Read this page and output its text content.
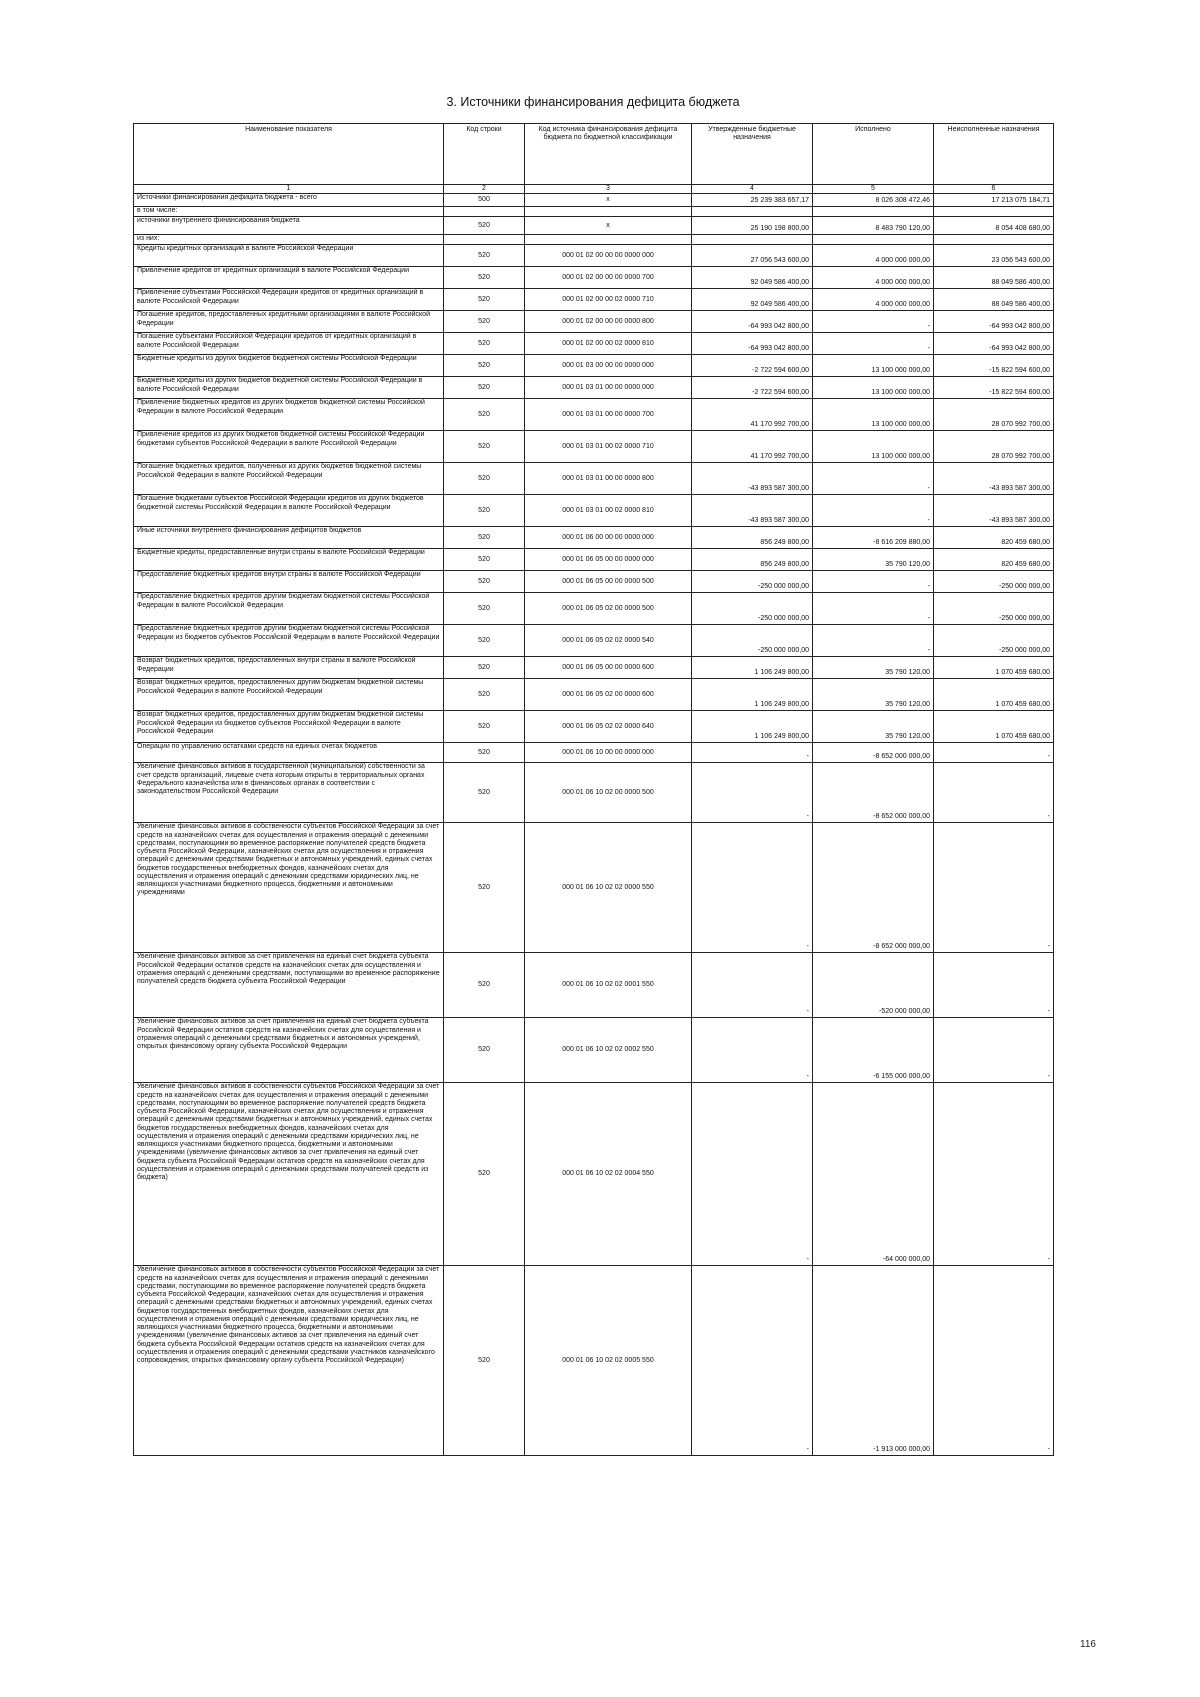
3. Источники финансирования дефицита бюджета
Наименование показателя	Код строки	Код источника финансирования дефицита бюджета по бюджетной классификации	Утвержденные бюджетные назначения	Исполнено	Неисполненные назначения
1	2	3	4	5	6
Источники финансирования дефицита бюджета - всего	500	х	25 239 383 657,17	8 026 308 472,46	17 213 075 184,71
в том числе:					
источники внутреннего финансирования бюджета	520	х	25 190 198 800,00	8 483 790 120,00	8 054 408 680,00
из них:					
Кредиты кредитных организаций в валюте Российской Федерации	520	000 01 02 00 00 00 0000 000	27 056 543 600,00	4 000 000 000,00	23 056 543 600,00
Привлечение кредитов от кредитных организаций в валюте Российской Федерации	520	000 01 02 00 00 00 0000 700	92 049 586 400,00	4 000 000 000,00	88 049 586 400,00
Привлечение субъектами Российской Федерации кредитов от кредитных организаций в валюте Российской Федерации	520	000 01 02 00 00 02 0000 710	92 049 586 400,00	4 000 000 000,00	88 049 586 400,00
Погашение кредитов, предоставленных кредитными организациями в валюте Российской Федерации	520	000 01 02 00 00 00 0000 800	-64 993 042 800,00	-	-64 993 042 800,00
Погашение субъектами Российской Федерации кредитов от кредитных организаций в валюте Российской Федерации	520	000 01 02 00 00 02 0000 810	-64 993 042 800,00	-	-64 993 042 800,00
Бюджетные кредиты из других бюджетов бюджетной системы Российской Федерации	520	000 01 03 00 00 00 0000 000	-2 722 594 600,00	13 100 000 000,00	-15 822 594 600,00
Бюджетные кредиты из других бюджетов бюджетной системы Российской Федерации в валюте Российской Федерации	520	000 01 03 01 00 00 0000 000	-2 722 594 600,00	13 100 000 000,00	-15 822 594 600,00
Привлечение бюджетных кредитов из других бюджетов бюджетной системы Российской Федерации в валюте Российской Федерации	520	000 01 03 01 00 00 0000 700	41 170 992 700,00	13 100 000 000,00	28 070 992 700,00
Привлечение кредитов из других бюджетов бюджетной системы Российской Федерации бюджетами субъектов Российской Федерации в валюте Российской Федерации	520	000 01 03 01 00 02 0000 710	41 170 992 700,00	13 100 000 000,00	28 070 992 700,00
Погашение бюджетных кредитов, полученных из других бюджетов бюджетной системы Российской Федерации в валюте Российской Федерации	520	000 01 03 01 00 00 0000 800	-43 893 587 300,00	-	-43 893 587 300,00
Погашение бюджетами субъектов Российской Федерации кредитов из других бюджетов бюджетной системы Российской Федерации в валюте Российской Федерации	520	000 01 03 01 00 02 0000 810	-43 893 587 300,00	-	-43 893 587 300,00
Иные источники внутреннего финансирования дефицитов бюджетов	520	000 01 06 00 00 00 0000 000	856 249 800,00	-8 616 209 880,00	820 459 680,00
Бюджетные кредиты, предоставленные внутри страны в валюте Российской Федерации	520	000 01 06 05 00 00 0000 000	856 249 800,00	35 790 120,00	820 459 680,00
Предоставление бюджетных кредитов внутри страны в валюте Российской Федерации	520	000 01 06 05 00 00 0000 500	-250 000 000,00	-	-250 000 000,00
Предоставление бюджетных кредитов другим бюджетам бюджетной системы Российской Федерации в валюте Российской Федерации	520	000 01 06 05 02 00 0000 500	-250 000 000,00	-	-250 000 000,00
Предоставление бюджетных кредитов другим бюджетам бюджетной системы Российской Федерации из бюджетов субъектов Российской Федерации в валюте Российской Федерации	520	000 01 06 05 02 02 0000 540	-250 000 000,00	-	-250 000 000,00
Возврат бюджетных кредитов, предоставленных внутри страны в валюте Российской Федерации	520	000 01 06 05 00 00 0000 600	1 106 249 800,00	35 790 120,00	1 070 459 680,00
Возврат бюджетных кредитов, предоставленных другим бюджетам бюджетной системы Российской Федерации в валюте Российской Федерации	520	000 01 06 05 02 00 0000 600	1 106 249 800,00	35 790 120,00	1 070 459 680,00
Возврат бюджетных кредитов, предоставленных другим бюджетам бюджетной системы Российской Федерации из бюджетов субъектов Российской Федерации в валюте Российской Федерации	520	000 01 06 05 02 02 0000 640	1 106 249 800,00	35 790 120,00	1 070 459 680,00
Операции по управлению остатками средств на единых счетах бюджетов	520	000 01 06 10 00 00 0000 000	-	-8 652 000 000,00	-
Увеличение финансовых активов в государственной (муниципальной) собственности за счет средств организаций, лицевые счета которым открыты в территориальных органах Федерального казначейства или в финансовых органах в соответствии с законодательством Российской Федерации	520	000 01 06 10 02 00 0000 500	-	-8 652 000 000,00	-
Увеличение финансовых активов в собственности субъектов Российской Федерации за счет средств на казначейских счетах для осуществления и отражения операций с денежными средствами, поступающими во временное распоряжение получателей средств бюджета субъекта Российской Федерации, казначейских счетах для осуществления и отражения операций с денежными средствами бюджетных и автономных учреждений, единых счетах бюджетов государственных внебюджетных фондов, казначейских счетах для осуществления и отражения операций с денежными средствами юридических лиц, не являющихся участниками бюджетного процесса, бюджетными и автономными учреждениями	520	000 01 06 10 02 02 0000 550	-	-8 652 000 000,00	-
Увеличение финансовых активов за счет привлечения на единый счет бюджета субъекта Российской Федерации остатков средств на казначейских счетах для осуществления и отражения операций с денежными средствами, поступающими во временное распоряжение получателей средств бюджета субъекта Российской Федерации	520	000 01 06 10 02 02 0001 550	-	-520 000 000,00	-
Увеличение финансовых активов за счет привлечения на единый счет бюджета субъекта Российской Федерации остатков средств на казначейских счетах для осуществления и отражения операций с денежными средствами бюджетных и автономных учреждений, открытых финансовому органу субъекта Российской Федерации	520	000 01 06 10 02 02 0002 550	-	-6 155 000 000,00	-
Увеличение финансовых активов в собственности субъектов Российской Федерации за счет средств на казначейских счетах для осуществления и отражения операций с денежными средствами, поступающими во временное распоряжение получателей средств бюджета субъекта Российской Федерации, казначейских счетах для осуществления и отражения операций с денежными средствами бюджетных и автономных учреждений, единых счетах бюджетов государственных внебюджетных фондов, казначейских счетах для осуществления и отражения операций с денежными средствами юридических лиц, не являющихся участниками бюджетного процесса, бюджетными и автономными учреждениями (увеличение финансовых активов за счет привлечения на единый счет бюджета субъекта Российской Федерации остатков средств на казначейских счетах для осуществления и отражения операций с денежными средствами получателей средств из бюджета)	520	000 01 06 10 02 02 0004 550	-	-64 000 000,00	-
Увеличение финансовых активов в собственности субъектов Российской Федерации за счет средств на казначейских счетах для осуществления и отражения операций с денежными средствами, поступающими во временное распоряжение получателей средств бюджета субъекта Российской Федерации, казначейских счетах для осуществления и отражения операций с денежными средствами бюджетных и автономных учреждений, единых счетах бюджетов государственных внебюджетных фондов, казначейских счетах для осуществления и отражения операций с денежными средствами юридических лиц, не являющихся участниками бюджетного процесса, бюджетными и автономными учреждениями (увеличение финансовых активов за счет привлечения на единый счет бюджета субъекта Российской Федерации остатков средств на казначейских счетах для осуществления и отражения операций с денежными средствами участников казначейского сопровождения, открытых финансовому органу субъекта Российской Федерации)	520	000 01 06 10 02 02 0005 550	-	-1 913 000 000,00	-
116
